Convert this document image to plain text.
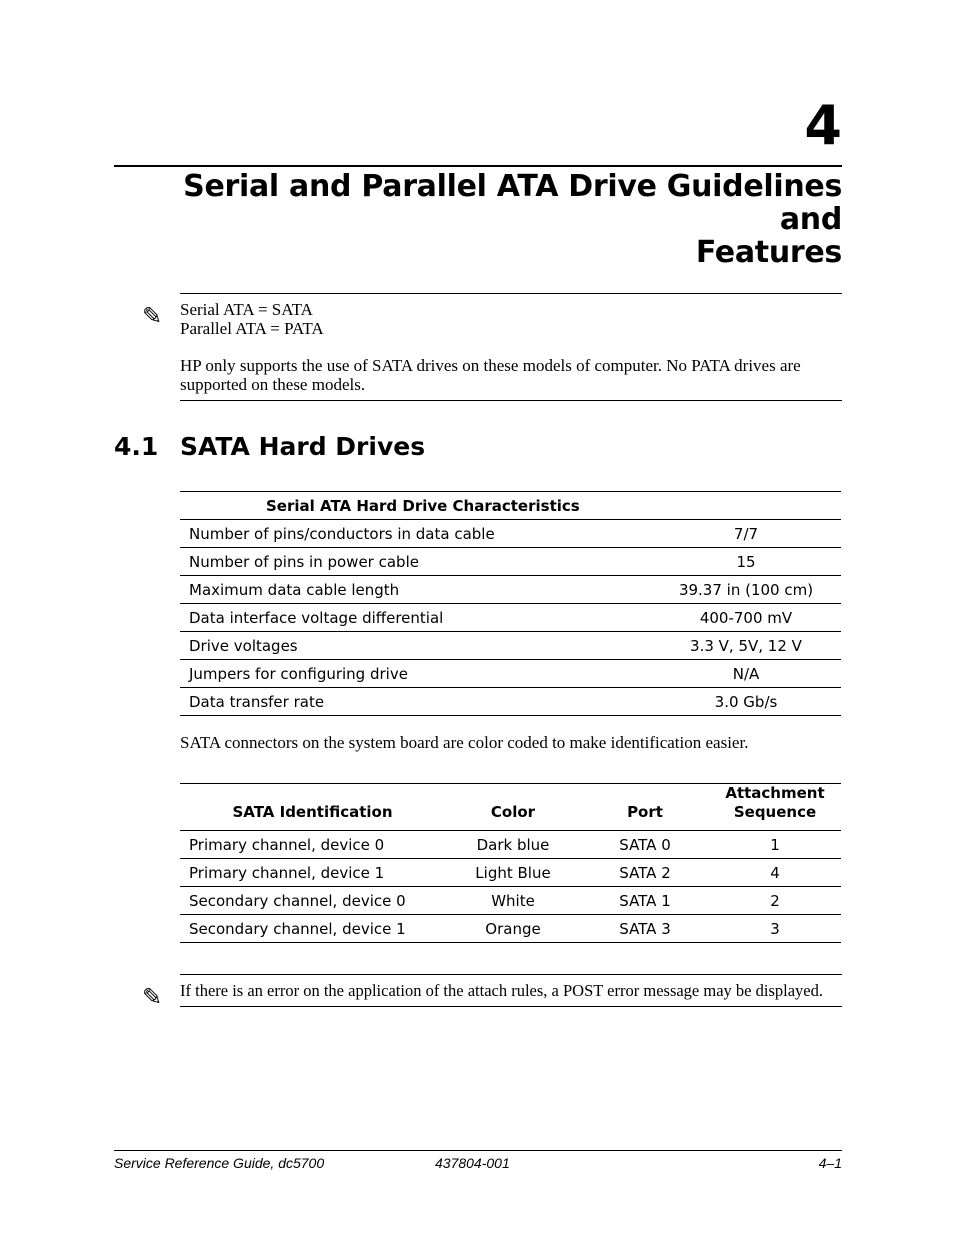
4
Serial and Parallel ATA Drive Guidelines and
Features
✎ Serial ATA = SATA
Parallel ATA = PATA
HP only supports the use of SATA drives on these models of computer. No PATA drives are
supported on these models.
4.1 SATA Hard Drives
Serial ATA Hard Drive Characteristics	
Number of pins/conductors in data cable	7/7
Number of pins in power cable	15
Maximum data cable length	39.37 in (100 cm)
Data interface voltage differential	400-700 mV
Drive voltages	3.3 V, 5V, 12 V
Jumpers for configuring drive	N/A
Data transfer rate	3.0 Gb/s
SATA connectors on the system board are color coded to make identification easier.
SATA Identification	Color	Port	Attachment
Sequence

Primary channel, device 0	Dark blue	SATA 0	1
Primary channel, device 1	Light Blue	SATA 2	4
Secondary channel, device 0	White	SATA 1	2
Secondary channel, device 1	Orange	SATA 3	3
✎ If there is an error on the application of the attach rules, a POST error message may be displayed.
Service Reference Guide, dc5700	437804-001	4–1
